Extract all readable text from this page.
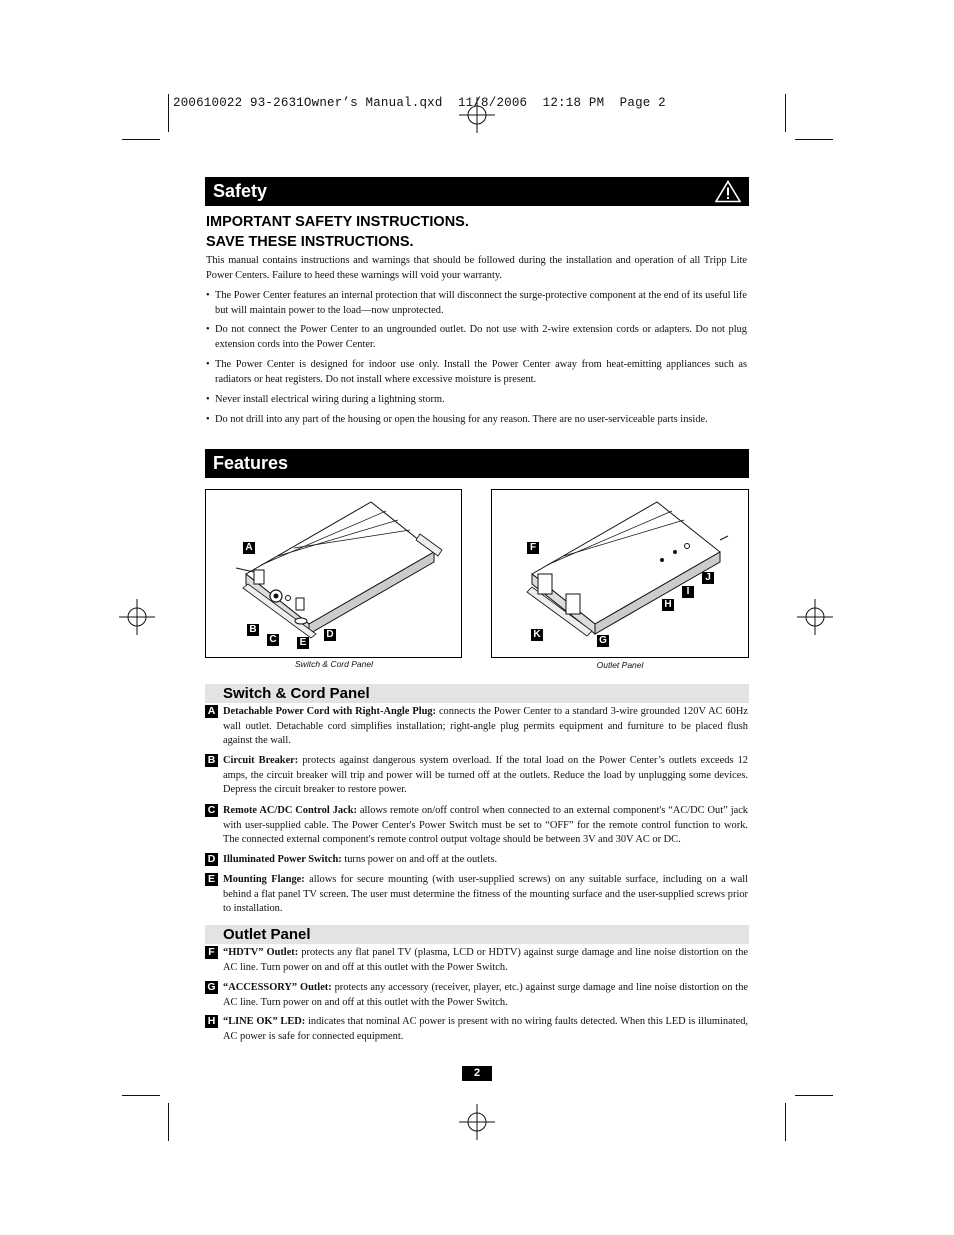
200610022 93-2631Owner’s Manual.qxd  11/8/2006  12:18 PM  Page 2
Safety
IMPORTANT SAFETY INSTRUCTIONS.
SAVE THESE INSTRUCTIONS.
This manual contains instructions and warnings that should be followed during the installation and operation of all Tripp Lite Power Centers. Failure to heed these warnings will void your warranty.
• The Power Center features an internal protection that will disconnect the surge-protective component at the end of its useful life but will maintain power to the load—now unprotected.
• Do not connect the Power Center to an ungrounded outlet. Do not use with 2-wire extension cords or adapters. Do not plug extension cords into the Power Center.
• The Power Center is designed for indoor use only. Install the Power Center away from heat-emitting appliances such as radiators or heat registers. Do not install where excessive moisture is present.
• Never install electrical wiring during a lightning storm.
• Do not drill into any part of the housing or open the housing for any reason. There are no user-serviceable parts inside.
Features
A
B
C	D
E
Switch & Cord Panel
F
G
H
I
J
K
Outlet Panel
Switch & Cord Panel
A Detachable Power Cord with Right-Angle Plug: connects the Power Center to a standard 3-wire grounded 120V AC 60Hz wall outlet. Detachable cord simplifies installation; right-angle plug permits equipment and furniture to be placed flush against the wall.
B Circuit Breaker: protects against dangerous system overload. If the total load on the Power Center’s outlets exceeds 12 amps, the circuit breaker will trip and power will be turned off at the outlets. Reduce the load by unplugging some devices. Depress the circuit breaker to restore power.
C Remote AC/DC Control Jack: allows remote on/off control when connected to an external component's “AC/DC Out” jack with user-supplied cable. The Power Center's Power Switch must be set to “OFF” for the remote control function to work. The connected external component's remote control output voltage should be between 3V and 30V AC or DC.
D Illuminated Power Switch: turns power on and off at the outlets.
E Mounting Flange: allows for secure mounting (with user-supplied screws) on any suitable surface, including on a wall behind a flat panel TV screen. The user must determine the fitness of the mounting surface and the user-supplied screws prior to installation.
Outlet Panel
F “HDTV” Outlet: protects any flat panel TV (plasma, LCD or HDTV) against surge damage and line noise distortion on the AC line. Turn power on and off at this outlet with the Power Switch.
G “ACCESSORY” Outlet: protects any accessory (receiver, player, etc.) against surge damage and line noise distortion on the AC line. Turn power on and off at this outlet with the Power Switch.
H “LINE OK” LED: indicates that nominal AC power is present with no wiring faults detected. When this LED is illuminated, AC power is safe for connected equipment.
2
